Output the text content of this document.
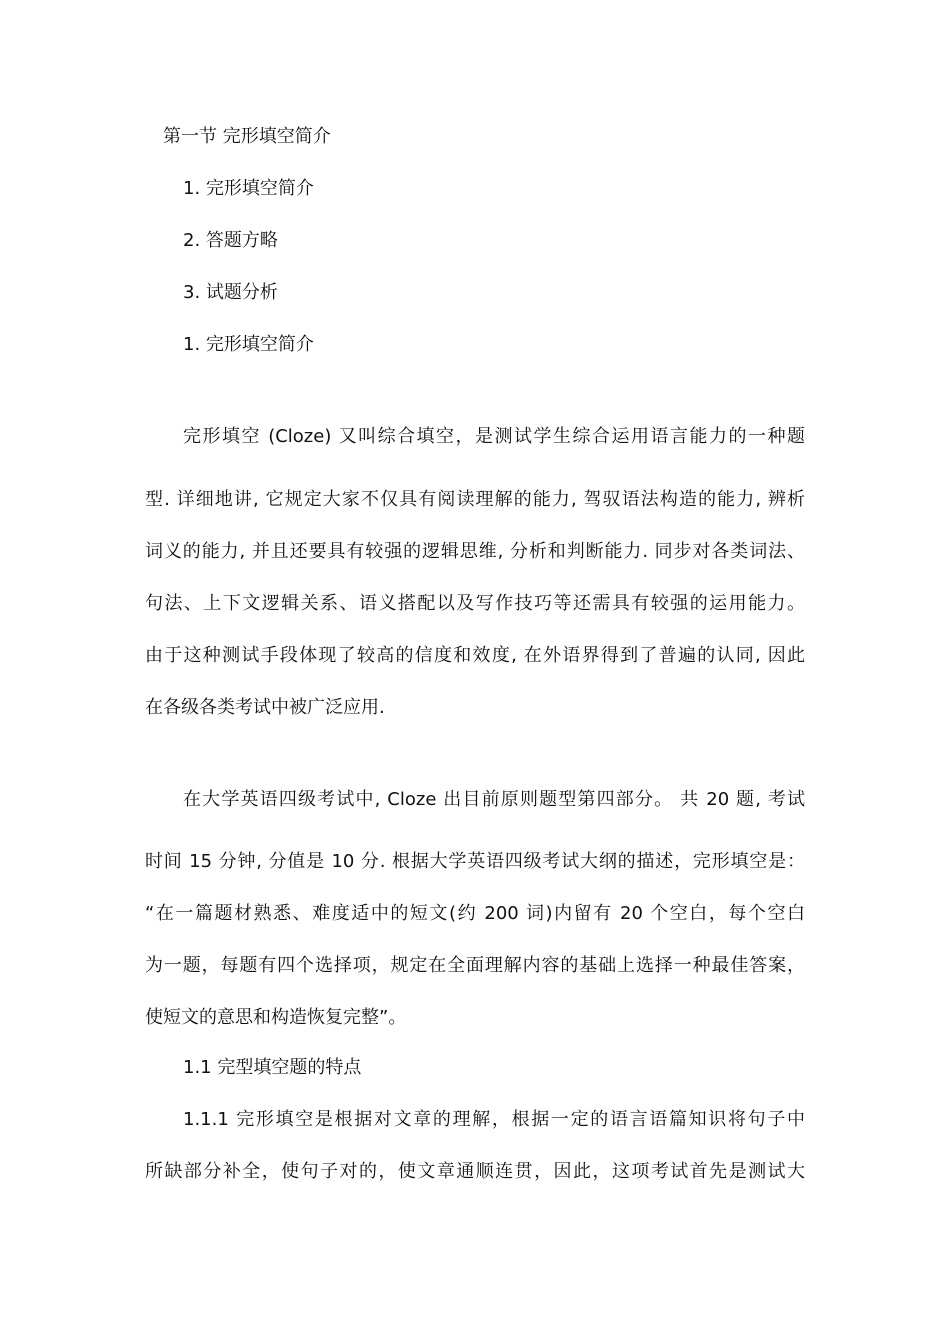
第一节 完形填空简介
1. 完形填空简介
2. 答题方略
3. 试题分析
1. 完形填空简介
完形填空 (Cloze) 又叫综合填空，是测试学生综合运用语言能力的一种题
型. 详细地讲, 它规定大家不仅具有阅读理解的能力, 驾驭语法构造的能力, 辨析
词义的能力, 并且还要具有较强的逻辑思维, 分析和判断能力. 同步对各类词法、
句法、上下文逻辑关系、语义搭配以及写作技巧等还需具有较强的运用能力。
由于这种测试手段体现了较高的信度和效度, 在外语界得到了普遍的认同, 因此
在各级各类考试中被广泛应用.
在大学英语四级考试中, Cloze 出目前原则题型第四部分。 共 20 题, 考试
时间 15 分钟, 分值是 10 分. 根据大学英语四级考试大纲的描述，完形填空是：
“在一篇题材熟悉、难度适中的短文(约 200 词)内留有 20 个空白，每个空白
为一题，每题有四个选择项，规定在全面理解内容的基础上选择一种最佳答案，
使短文的意思和构造恢复完整”。
1.1 完型填空题的特点
1.1.1 完形填空是根据对文章的理解，根据一定的语言语篇知识将句子中
所缺部分补全，使句子对的，使文章通顺连贯，因此，这项考试首先是测试大
